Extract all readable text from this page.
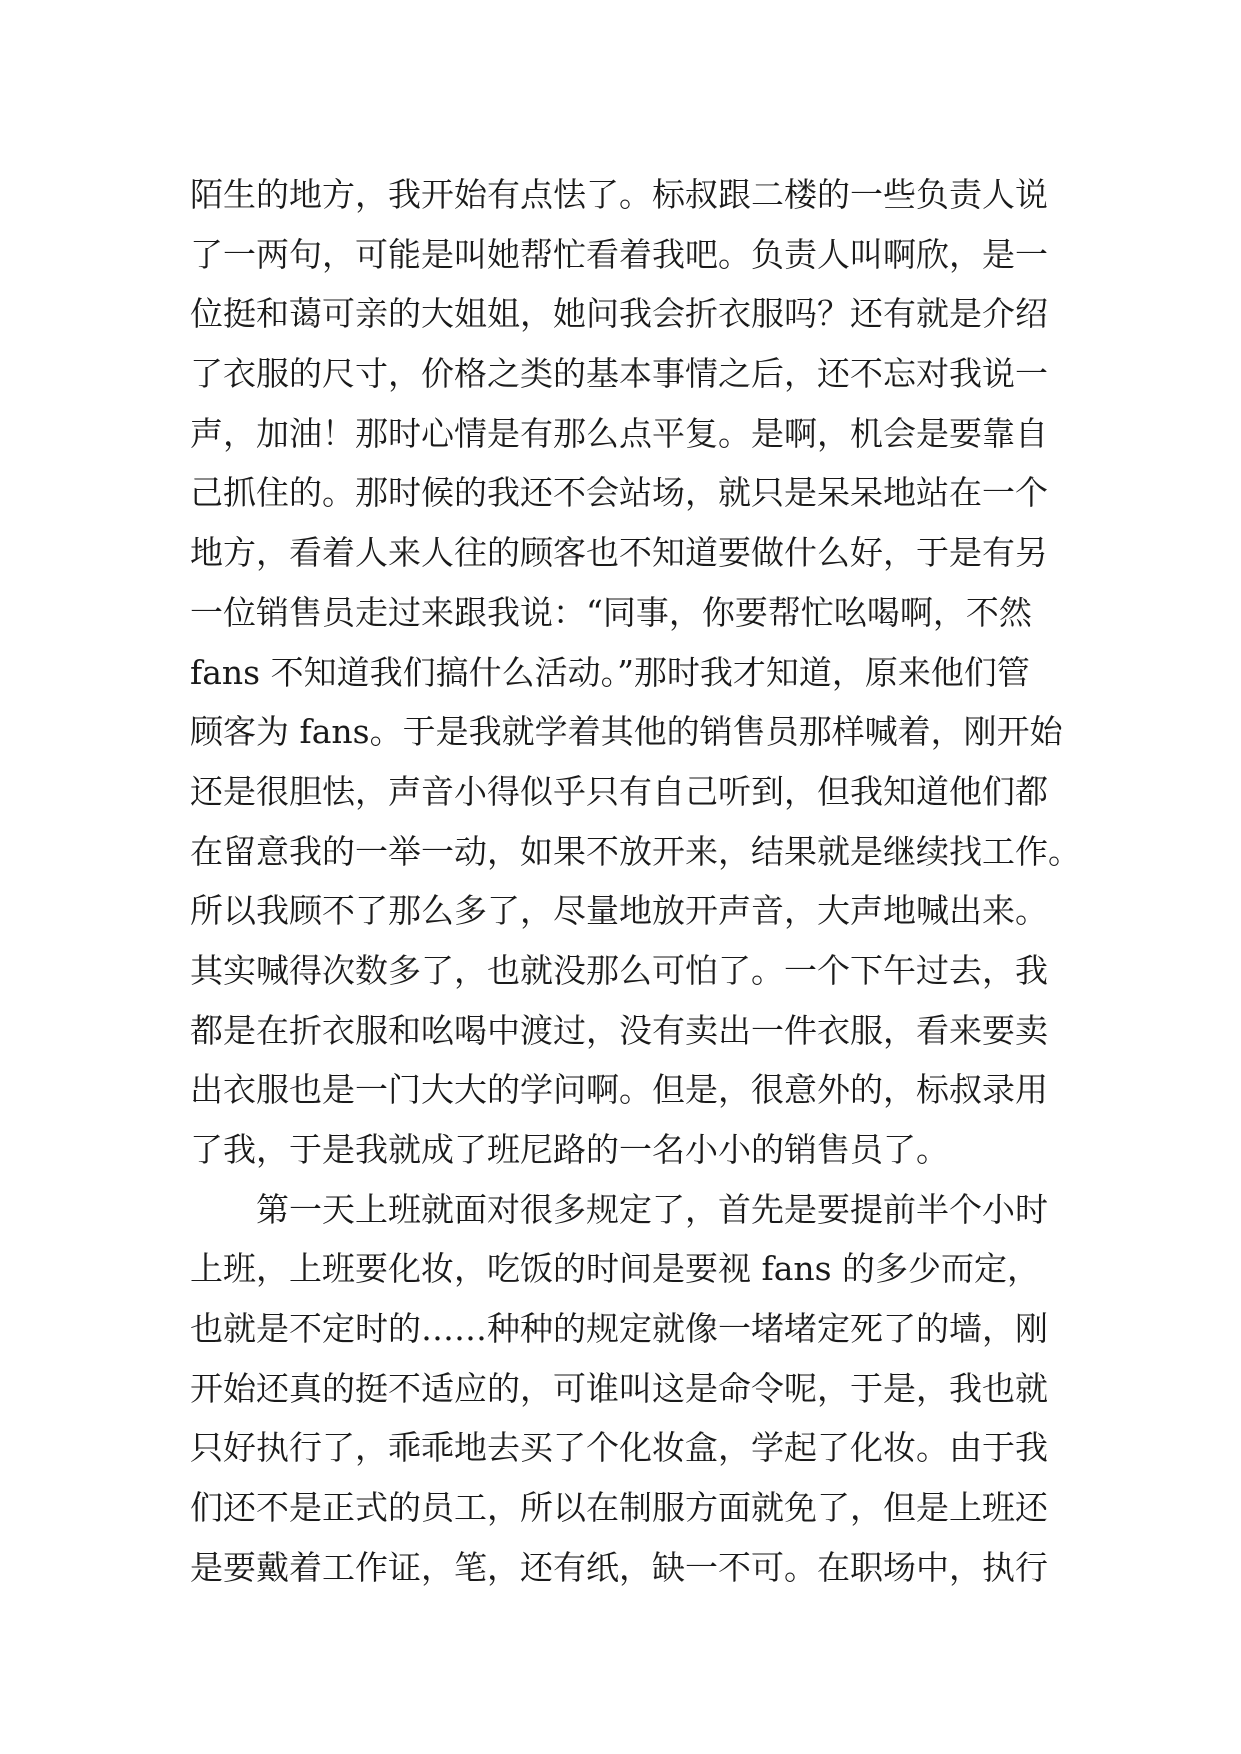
陌生的地方，我开始有点怯了。标叔跟二楼的一些负责人说
了一两句，可能是叫她帮忙看着我吧。负责人叫啊欣，是一
位挺和蔼可亲的大姐姐，她问我会折衣服吗？还有就是介绍
了衣服的尺寸，价格之类的基本事情之后，还不忘对我说一
声，加油！那时心情是有那么点平复。是啊，机会是要靠自
己抓住的。那时候的我还不会站场，就只是呆呆地站在一个
地方，看着人来人往的顾客也不知道要做什么好，于是有另
一位销售员走过来跟我说：“同事，你要帮忙吆喝啊，不然
fans 不知道我们搞什么活动。”那时我才知道，原来他们管
顾客为 fans。于是我就学着其他的销售员那样喊着，刚开始
还是很胆怯，声音小得似乎只有自己听到，但我知道他们都
在留意我的一举一动，如果不放开来，结果就是继续找工作。
所以我顾不了那么多了，尽量地放开声音，大声地喊出来。
其实喊得次数多了，也就没那么可怕了。一个下午过去，我
都是在折衣服和吆喝中渡过，没有卖出一件衣服，看来要卖
出衣服也是一门大大的学问啊。但是，很意外的，标叔录用
了我，于是我就成了班尼路的一名小小的销售员了。
第一天上班就面对很多规定了，首先是要提前半个小时
上班，上班要化妆，吃饭的时间是要视 fans 的多少而定，
也就是不定时的……种种的规定就像一堵堵定死了的墙，刚
开始还真的挺不适应的，可谁叫这是命令呢，于是，我也就
只好执行了，乖乖地去买了个化妆盒，学起了化妆。由于我
们还不是正式的员工，所以在制服方面就免了，但是上班还
是要戴着工作证，笔，还有纸，缺一不可。在职场中，执行
